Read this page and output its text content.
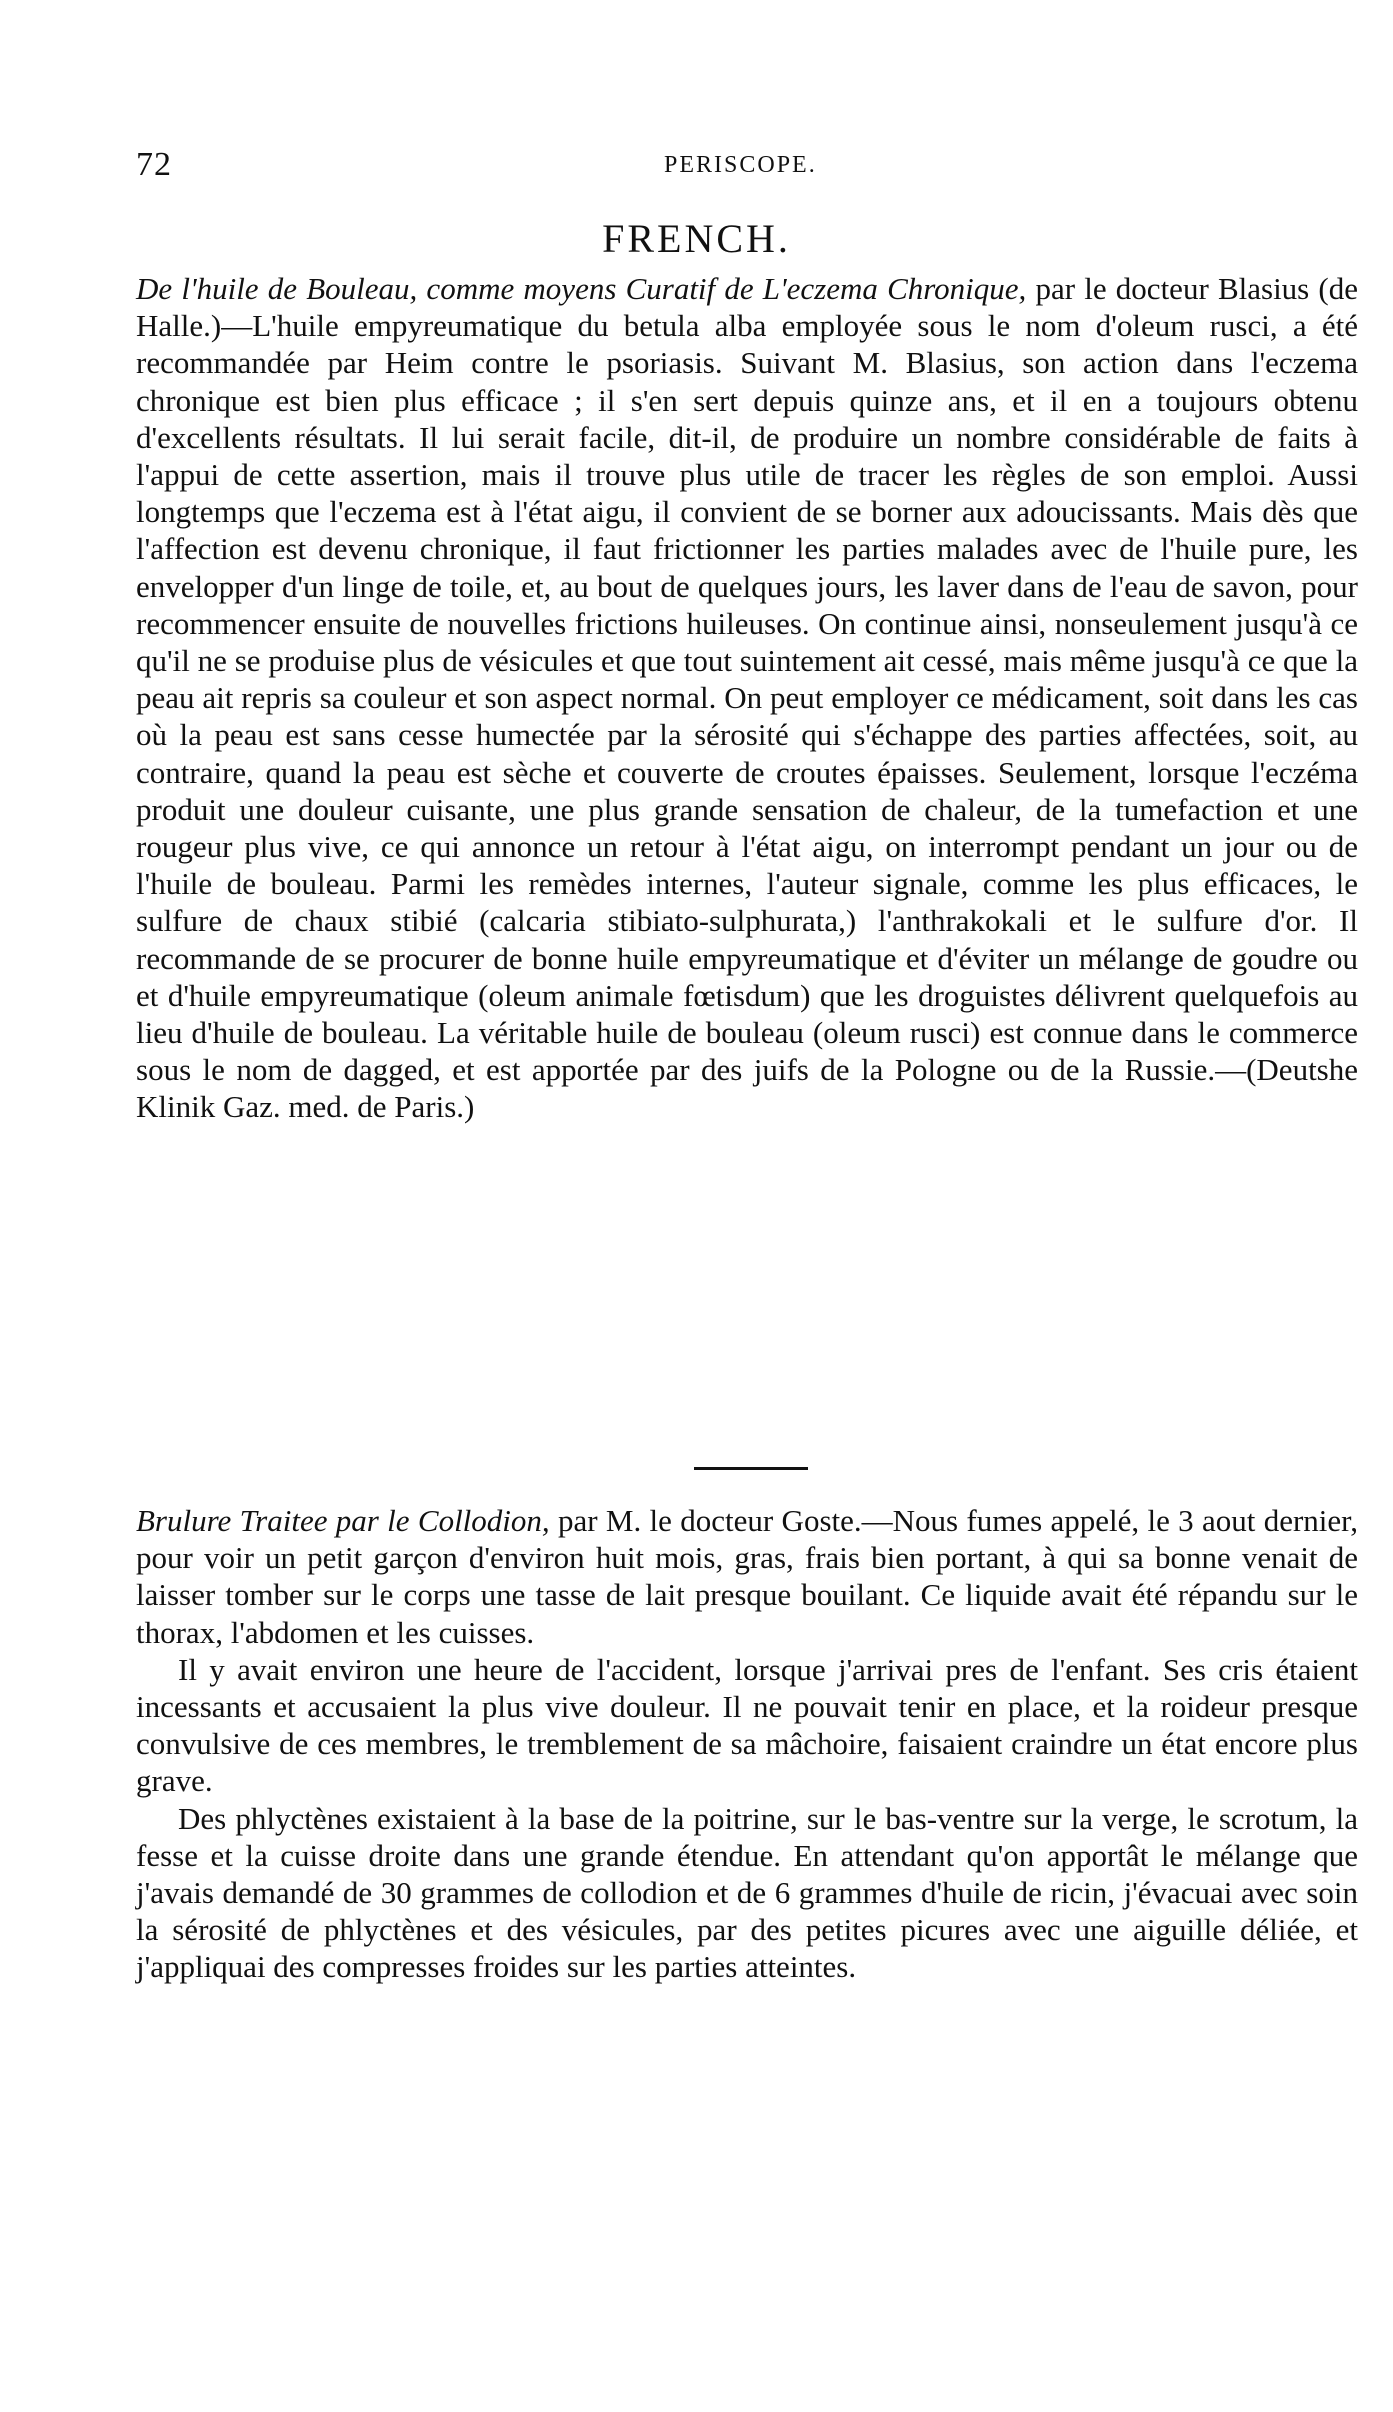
72	PERISCOPE.
FRENCH.

De l'huile de Bouleau, comme moyens Curatif de L'eczema Chronique, par le docteur Blasius (de Halle.)—L'huile empyreumatique du betula alba employée sous le nom d'oleum rusci, a été recommandée par Heim contre le psoriasis. Suivant M. Blasius, son action dans l'eczema chronique est bien plus efficace ; il s'en sert depuis quinze ans, et il en a toujours obtenu d'excellents résultats. Il lui serait facile, dit-il, de produire un nombre considérable de faits à l'appui de cette assertion, mais il trouve plus utile de tracer les règles de son emploi. Aussi longtemps que l'eczema est à l'état aigu, il convient de se borner aux adoucissants. Mais dès que l'affection est devenu chronique, il faut frictionner les parties malades avec de l'huile pure, les envelopper d'un linge de toile, et, au bout de quelques jours, les laver dans de l'eau de savon, pour recommencer ensuite de nouvelles frictions huileuses. On continue ainsi, nonseulement jusqu'à ce qu'il ne se produise plus de vésicules et que tout suintement ait cessé, mais même jusqu'à ce que la peau ait repris sa couleur et son aspect normal. On peut employer ce médicament, soit dans les cas où la peau est sans cesse humectée par la sérosité qui s'échappe des parties affectées, soit, au contraire, quand la peau est sèche et couverte de croutes épaisses. Seulement, lorsque l'eczéma produit une douleur cuisante, une plus grande sensation de chaleur, de la tumefaction et une rougeur plus vive, ce qui annonce un retour à l'état aigu, on interrompt pendant un jour ou de l'huile de bouleau. Parmi les remèdes internes, l'auteur signale, comme les plus efficaces, le sulfure de chaux stibié (calcaria stibiato-sulphurata,) l'anthrakokali et le sulfure d'or. Il recommande de se procurer de bonne huile empyreumatique et d'éviter un mélange de goudre ou et d'huile empyreumatique (oleum animale fœtisdum) que les droguistes délivrent quelquefois au lieu d'huile de bouleau. La véritable huile de bouleau (oleum rusci) est connue dans le commerce sous le nom de dagged, et est apportée par des juifs de la Pologne ou de la Russie.—(Deutshe Klinik Gaz. med. de Paris.)

Brulure Traitee par le Collodion, par M. le docteur Goste.—Nous fumes appelé, le 3 aout dernier, pour voir un petit garçon d'environ huit mois, gras, frais bien portant, à qui sa bonne venait de laisser tomber sur le corps une tasse de lait presque bouilant. Ce liquide avait été répandu sur le thorax, l'abdomen et les cuisses.

Il y avait environ une heure de l'accident, lorsque j'arrivai pres de l'enfant. Ses cris étaient incessants et accusaient la plus vive douleur. Il ne pouvait tenir en place, et la roideur presque convulsive de ces membres, le tremblement de sa mâchoire, faisaient craindre un état encore plus grave.

Des phlyctènes existaient à la base de la poitrine, sur le bas-ventre sur la verge, le scrotum, la fesse et la cuisse droite dans une grande étendue. En attendant qu'on apportât le mélange que j'avais demandé de 30 grammes de collodion et de 6 grammes d'huile de ricin, j'évacuai avec soin la sérosité de phlyctènes et des vésicules, par des petites picures avec une aiguille déliée, et j'appliquai des compresses froides sur les parties atteintes.
